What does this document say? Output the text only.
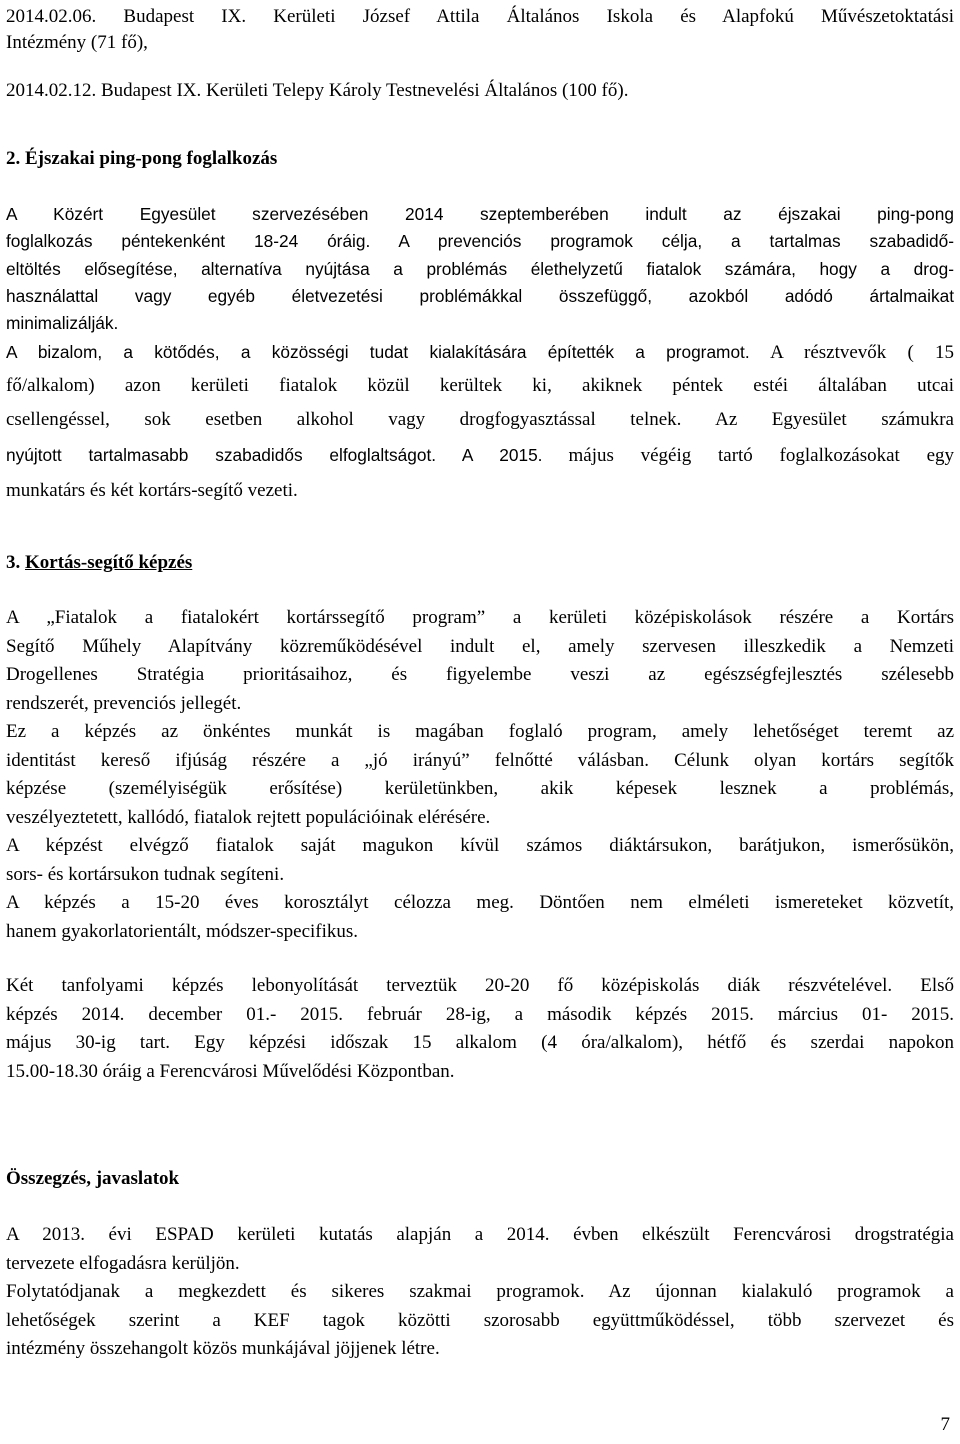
2014.02.06. Budapest IX. Kerületi József Attila Általános Iskola és Alapfokú Művészetoktatási
Intézmény (71 fő),
2014.02.12. Budapest IX. Kerületi Telepy Károly Testnevelési Általános (100 fő).
2. Éjszakai ping-pong foglalkozás
A Közért Egyesület szervezésében 2014 szeptemberében indult az éjszakai ping-pong
foglalkozás péntekenként 18-24 óráig. A prevenciós programok célja, a tartalmas szabadidő-
eltöltés elősegítése, alternatíva nyújtása a problémás élethelyzetű fiatalok számára, hogy a drog-
használattal vagy egyéb életvezetési problémákkal összefüggő, azokból adódó ártalmaikat
minimalizálják.
A bizalom, a kötődés, a közösségi tudat kialakítására építették a programot. A résztvevők ( 15
fő/alkalom) azon kerületi fiatalok közül kerültek ki, akiknek péntek estéi általában utcai
csellengéssel, sok esetben alkohol vagy drogfogyasztással telnek. Az Egyesület számukra
nyújtott tartalmasabb szabadidős elfoglaltságot. A 2015. május végéig tartó foglalkozásokat egy
munkatárs és két kortárs-segítő vezeti.
3. Kortás-segítő képzés
A „Fiatalok a fiatalokért kortárssegítő program” a kerületi középiskolások részére a Kortárs
Segítő Műhely Alapítvány közreműködésével indult el, amely szervesen illeszkedik a Nemzeti
Drogellenes Stratégia prioritásaihoz, és figyelembe veszi az egészségfejlesztés szélesebb
rendszerét, prevenciós jellegét.
Ez a képzés az önkéntes munkát is magában foglaló program, amely lehetőséget teremt az
identitást kereső ifjúság részére a „jó irányú” felnőtté válásban. Célunk olyan kortárs segítők
képzése (személyiségük erősítése) kerületünkben, akik képesek lesznek a problémás,
veszélyeztetett, kallódó, fiatalok rejtett populációinak elérésére.
A képzést elvégző fiatalok saját magukon kívül számos diáktársukon, barátjukon, ismerősükön,
sors- és kortársukon tudnak segíteni.
A képzés a 15-20 éves korosztályt célozza meg. Döntően nem elméleti ismereteket közvetít,
hanem gyakorlatorientált, módszer-specifikus.
Két tanfolyami képzés lebonyolítását terveztük 20-20 fő középiskolás diák részvételével. Első
képzés 2014. december 01.- 2015. február 28-ig, a második képzés 2015. március 01- 2015.
május 30-ig tart. Egy képzési időszak 15 alkalom (4 óra/alkalom), hétfő és szerdai napokon
15.00-18.30 óráig a Ferencvárosi Művelődési Központban.
Összegzés, javaslatok
A 2013. évi ESPAD kerületi kutatás alapján a 2014. évben elkészült Ferencvárosi drogstratégia
tervezete elfogadásra kerüljön.
Folytatódjanak a megkezdett és sikeres szakmai programok. Az újonnan kialakuló programok a
lehetőségek szerint a KEF tagok közötti szorosabb együttműködéssel, több szervezet és
intézmény összehangolt közös munkájával jöjjenek létre.
7
